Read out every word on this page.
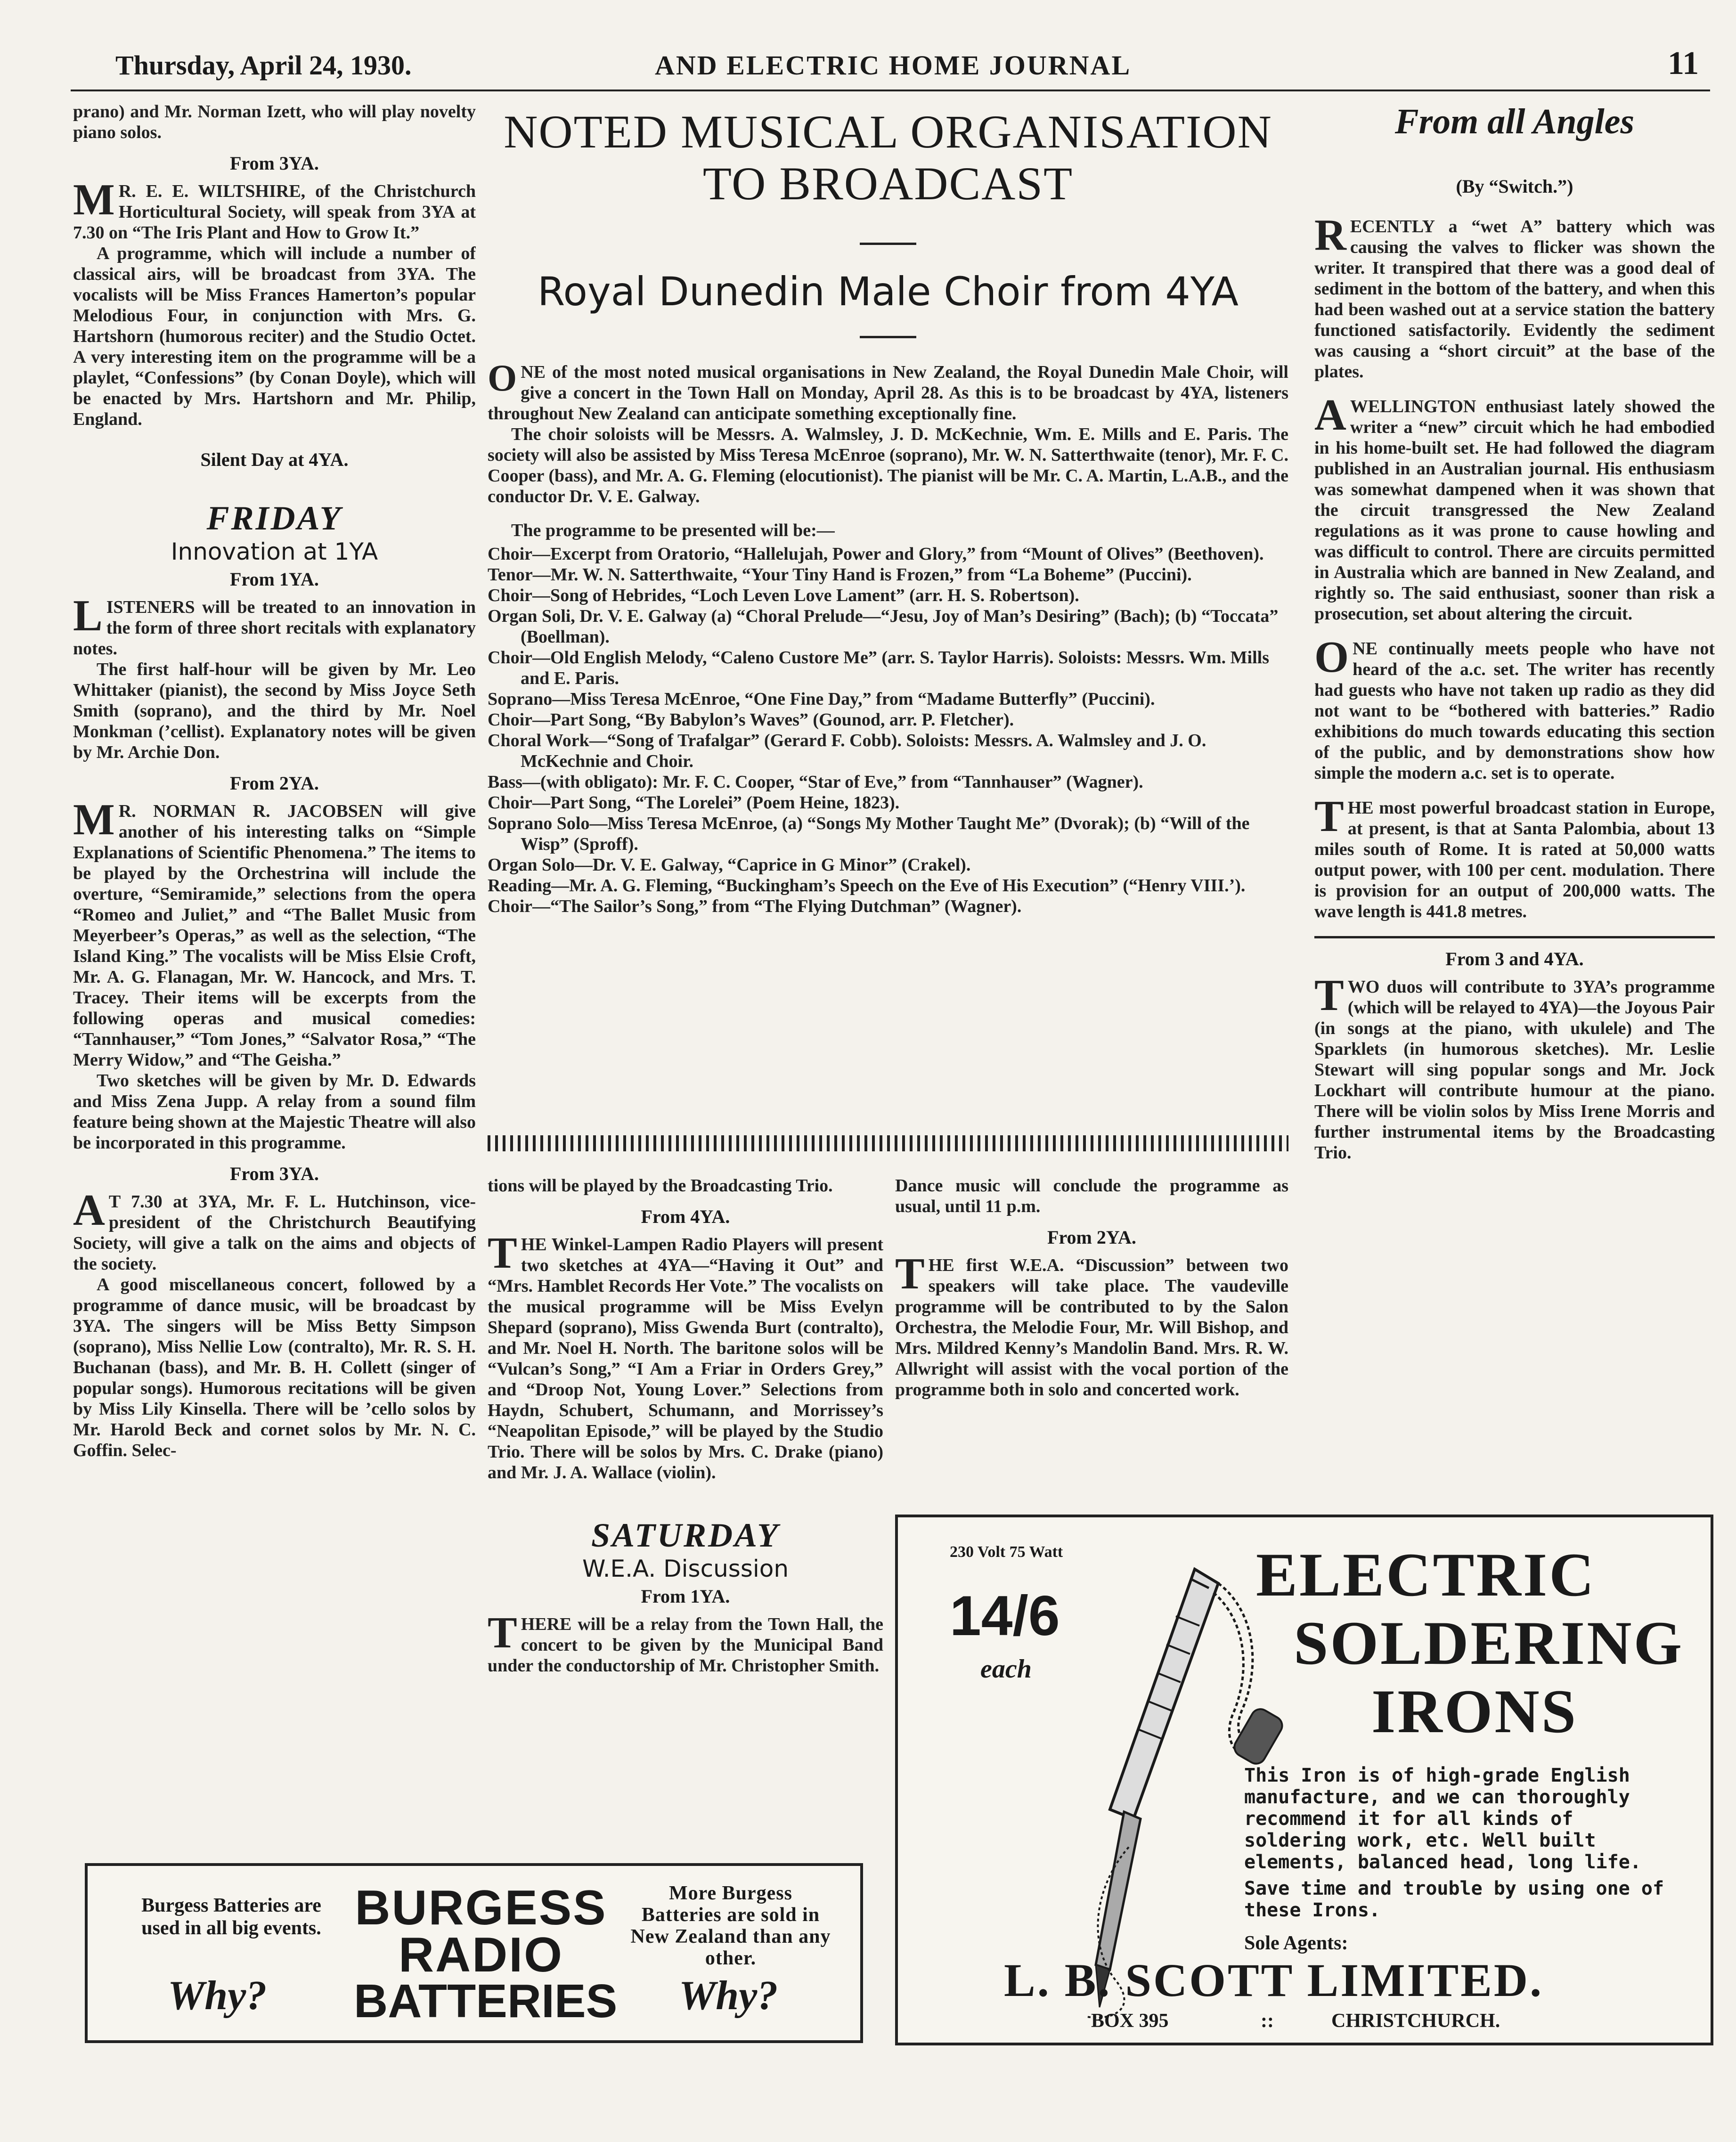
Thursday, April 24, 1930.	AND ELECTRIC HOME JOURNAL	11

prano) and Mr. Norman Izett, who will play novelty piano solos.

From 3YA.

M R. E. E. WILTSHIRE, of the Christchurch Horticultural Society, will speak from 3YA at 7.30 on “The Iris Plant and How to Grow It.”

A programme, which will include a number of classical airs, will be broadcast from 3YA. The vocalists will be Miss Frances Hamerton’s popular Melodious Four, in conjunction with Mrs. G. Hartshorn (humorous reciter) and the Studio Octet. A very interesting item on the programme will be a playlet, “Confessions” (by Conan Doyle), which will be enacted by Mrs. Hartshorn and Mr. Philip, England.

Silent Day at 4YA.
FRIDAY
Innovation at 1YA
From 1YA.

LISTENERS will be treated to an innovation in the form of three short recitals with explanatory notes.

The first half-hour will be given by Mr. Leo Whittaker (pianist), the second by Miss Joyce Seth Smith (soprano), and the third by Mr. Noel Monkman (’cellist). Explanatory notes will be given by Mr. Archie Don.

From 2YA.

M R. NORMAN R. JACOBSEN will give another of his interesting talks on “Simple Explanations of Scientific Phenomena.” The items to be played by the Orchestrina will include the overture, “Semiramide,” selections from the opera “Romeo and Juliet,” and “The Ballet Music from Meyerbeer’s Operas,” as well as the selection, “The Island King.” The vocalists will be Miss Elsie Croft, Mr. A. G. Flanagan, Mr. W. Hancock, and Mrs. T. Tracey. Their items will be excerpts from the following operas and musical comedies: “Tannhauser,” “Tom Jones,” “Salvator Rosa,” “The Merry Widow,” and “The Geisha.”

Two sketches will be given by Mr. D. Edwards and Miss Zena Jupp. A relay from a sound film feature being shown at the Majestic Theatre will also be incorporated in this programme.

From 3YA.

A T 7.30 at 3YA, Mr. F. L. Hutchinson, vice-president of the Christchurch Beautifying Society, will give a talk on the aims and objects of the society.

A good miscellaneous concert, followed by a programme of dance music, will be broadcast by 3YA. The singers will be Miss Betty Simpson (soprano), Miss Nellie Low (contralto), Mr. R. S. H. Buchanan (bass), and Mr. B. H. Collett (singer of popular songs). Humorous recitations will be given by Miss Lily Kinsella. There will be ’cello solos by Mr. Harold Beck and cornet solos by Mr. N. C. Goffin. Selec-

NOTED MUSICAL ORGANISATION
TO BROADCAST
Royal Dunedin Male Choir from 4YA

ONE of the most noted musical organisations in New Zealand, the Royal Dunedin Male Choir, will give a concert in the Town Hall on Monday, April 28. As this is to be broadcast by 4YA, listeners throughout New Zealand can anticipate something exceptionally fine.

The choir soloists will be Messrs. A. Walmsley, J. D. McKechnie, Wm. E. Mills and E. Paris. The society will also be assisted by Miss Teresa McEnroe (soprano), Mr. W. N. Satterthwaite (tenor), Mr. F. C. Cooper (bass), and Mr. A. G. Fleming (elocutionist). The pianist will be Mr. C. A. Martin, L.A.B., and the conductor Dr. V. E. Galway.

The programme to be presented will be:—

Choir—Excerpt from Oratorio, “Hallelujah, Power and Glory,” from “Mount of Olives” (Beethoven).

Tenor—Mr. W. N. Satterthwaite, “Your Tiny Hand is Frozen,” from “La Boheme” (Puccini).

Choir—Song of Hebrides, “Loch Leven Love Lament” (arr. H. S. Robertson).

Organ Soli, Dr. V. E. Galway (a) “Choral Prelude—“Jesu, Joy of Man’s Desiring” (Bach); (b) “Toccata” (Boellman).

Choir—Old English Melody, “Caleno Custore Me” (arr. S. Taylor Harris). Soloists: Messrs. Wm. Mills and E. Paris.

Soprano—Miss Teresa McEnroe, “One Fine Day,” from “Madame Butterfly” (Puccini).

Choir—Part Song, “By Babylon’s Waves” (Gounod, arr. P. Fletcher).

Choral Work—“Song of Trafalgar” (Gerard F. Cobb). Soloists: Messrs. A. Walmsley and J. O. McKechnie and Choir.

Bass—(with obligato): Mr. F. C. Cooper, “Star of Eve,” from “Tannhauser” (Wagner).

Choir—Part Song, “The Lorelei” (Poem Heine, 1823).

Soprano Solo—Miss Teresa McEnroe, (a) “Songs My Mother Taught Me” (Dvorak); (b) “Will of the Wisp” (Sproff).

Organ Solo—Dr. V. E. Galway, “Caprice in G Minor” (Crakel).

Reading—Mr. A. G. Fleming, “Buckingham’s Speech on the Eve of His Execution” (“Henry VIII.’).

Choir—“The Sailor’s Song,” from “The Flying Dutchman” (Wagner).

tions will be played by the Broadcasting Trio.

From 4YA.

THE Winkel-Lampen Radio Players will present two sketches at 4YA—“Having it Out” and “Mrs. Hamblet Records Her Vote.” The vocalists on the musical programme will be Miss Evelyn Shepard (soprano), Miss Gwenda Burt (contralto), and Mr. Noel H. North. The baritone solos will be “Vulcan’s Song,” “I Am a Friar in Orders Grey,” and “Droop Not, Young Lover.” Selections from Haydn, Schubert, Schumann, and Morrissey’s “Neapolitan Episode,” will be played by the Studio Trio. There will be solos by Mrs. C. Drake (piano) and Mr. J. A. Wallace (violin).

SATURDAY
W.E.A. Discussion
From 1YA.

THERE will be a relay from the Town Hall, the concert to be given by the Municipal Band under the conductorship of Mr. Christopher Smith.

Dance music will conclude the programme as usual, until 11 p.m.

From 2YA.

THE first W.E.A. “Discussion” between two speakers will take place. The vaudeville programme will be contributed to by the Salon Orchestra, the Melodie Four, Mr. Will Bishop, and Mrs. Mildred Kenny’s Mandolin Band. Mrs. R. W. Allwright will assist with the vocal portion of the programme both in solo and concerted work.

From all Angles
(By “Switch.”)

RECENTLY a “wet A” battery which was causing the valves to flicker was shown the writer. It transpired that there was a good deal of sediment in the bottom of the battery, and when this had been washed out at a service station the battery functioned satisfactorily. Evidently the sediment was causing a “short circuit” at the base of the plates.

A WELLINGTON enthusiast lately showed the writer a “new” circuit which he had embodied in his home-built set. He had followed the diagram published in an Australian journal. His enthusiasm was somewhat dampened when it was shown that the circuit transgressed the New Zealand regulations as it was prone to cause howling and was difficult to control. There are circuits permitted in Australia which are banned in New Zealand, and rightly so. The said enthusiast, sooner than risk a prosecution, set about altering the circuit.

ONE continually meets people who have not heard of the a.c. set. The writer has recently had guests who have not taken up radio as they did not want to be “bothered with batteries.” Radio exhibitions do much towards educating this section of the public, and by demonstrations show how simple the modern a.c. set is to operate.

THE most powerful broadcast station in Europe, at present, is that at Santa Palombia, about 13 miles south of Rome. It is rated at 50,000 watts output power, with 100 per cent. modulation. There is provision for an output of 200,000 watts. The wave length is 441.8 metres.

From 3 and 4YA.

TWO duos will contribute to 3YA’s programme (which will be relayed to 4YA)—the Joyous Pair (in songs at the piano, with ukulele) and The Sparklets (in humorous sketches). Mr. Leslie Stewart will sing popular songs and Mr. Jock Lockhart will contribute humour at the piano. There will be violin solos by Miss Irene Morris and further instrumental items by the Broadcasting Trio.

230 Volt 75 Watt
14/6
each
ELECTRIC
SOLDERING
IRONS
This Iron is of high-grade English manufacture, and we can thoroughly recommend it for all kinds of soldering work, etc. Well built elements, balanced head, long life.
Save time and trouble by using one of these Irons.
Sole Agents:
L. B. SCOTT LIMITED.
BOX 395	::	CHRISTCHURCH.
Burgess Batteries are used in all big events.
Why?
BURGESS
RADIO
BATTERIES
More Burgess Batteries are sold in New Zealand than any other.
Why?
